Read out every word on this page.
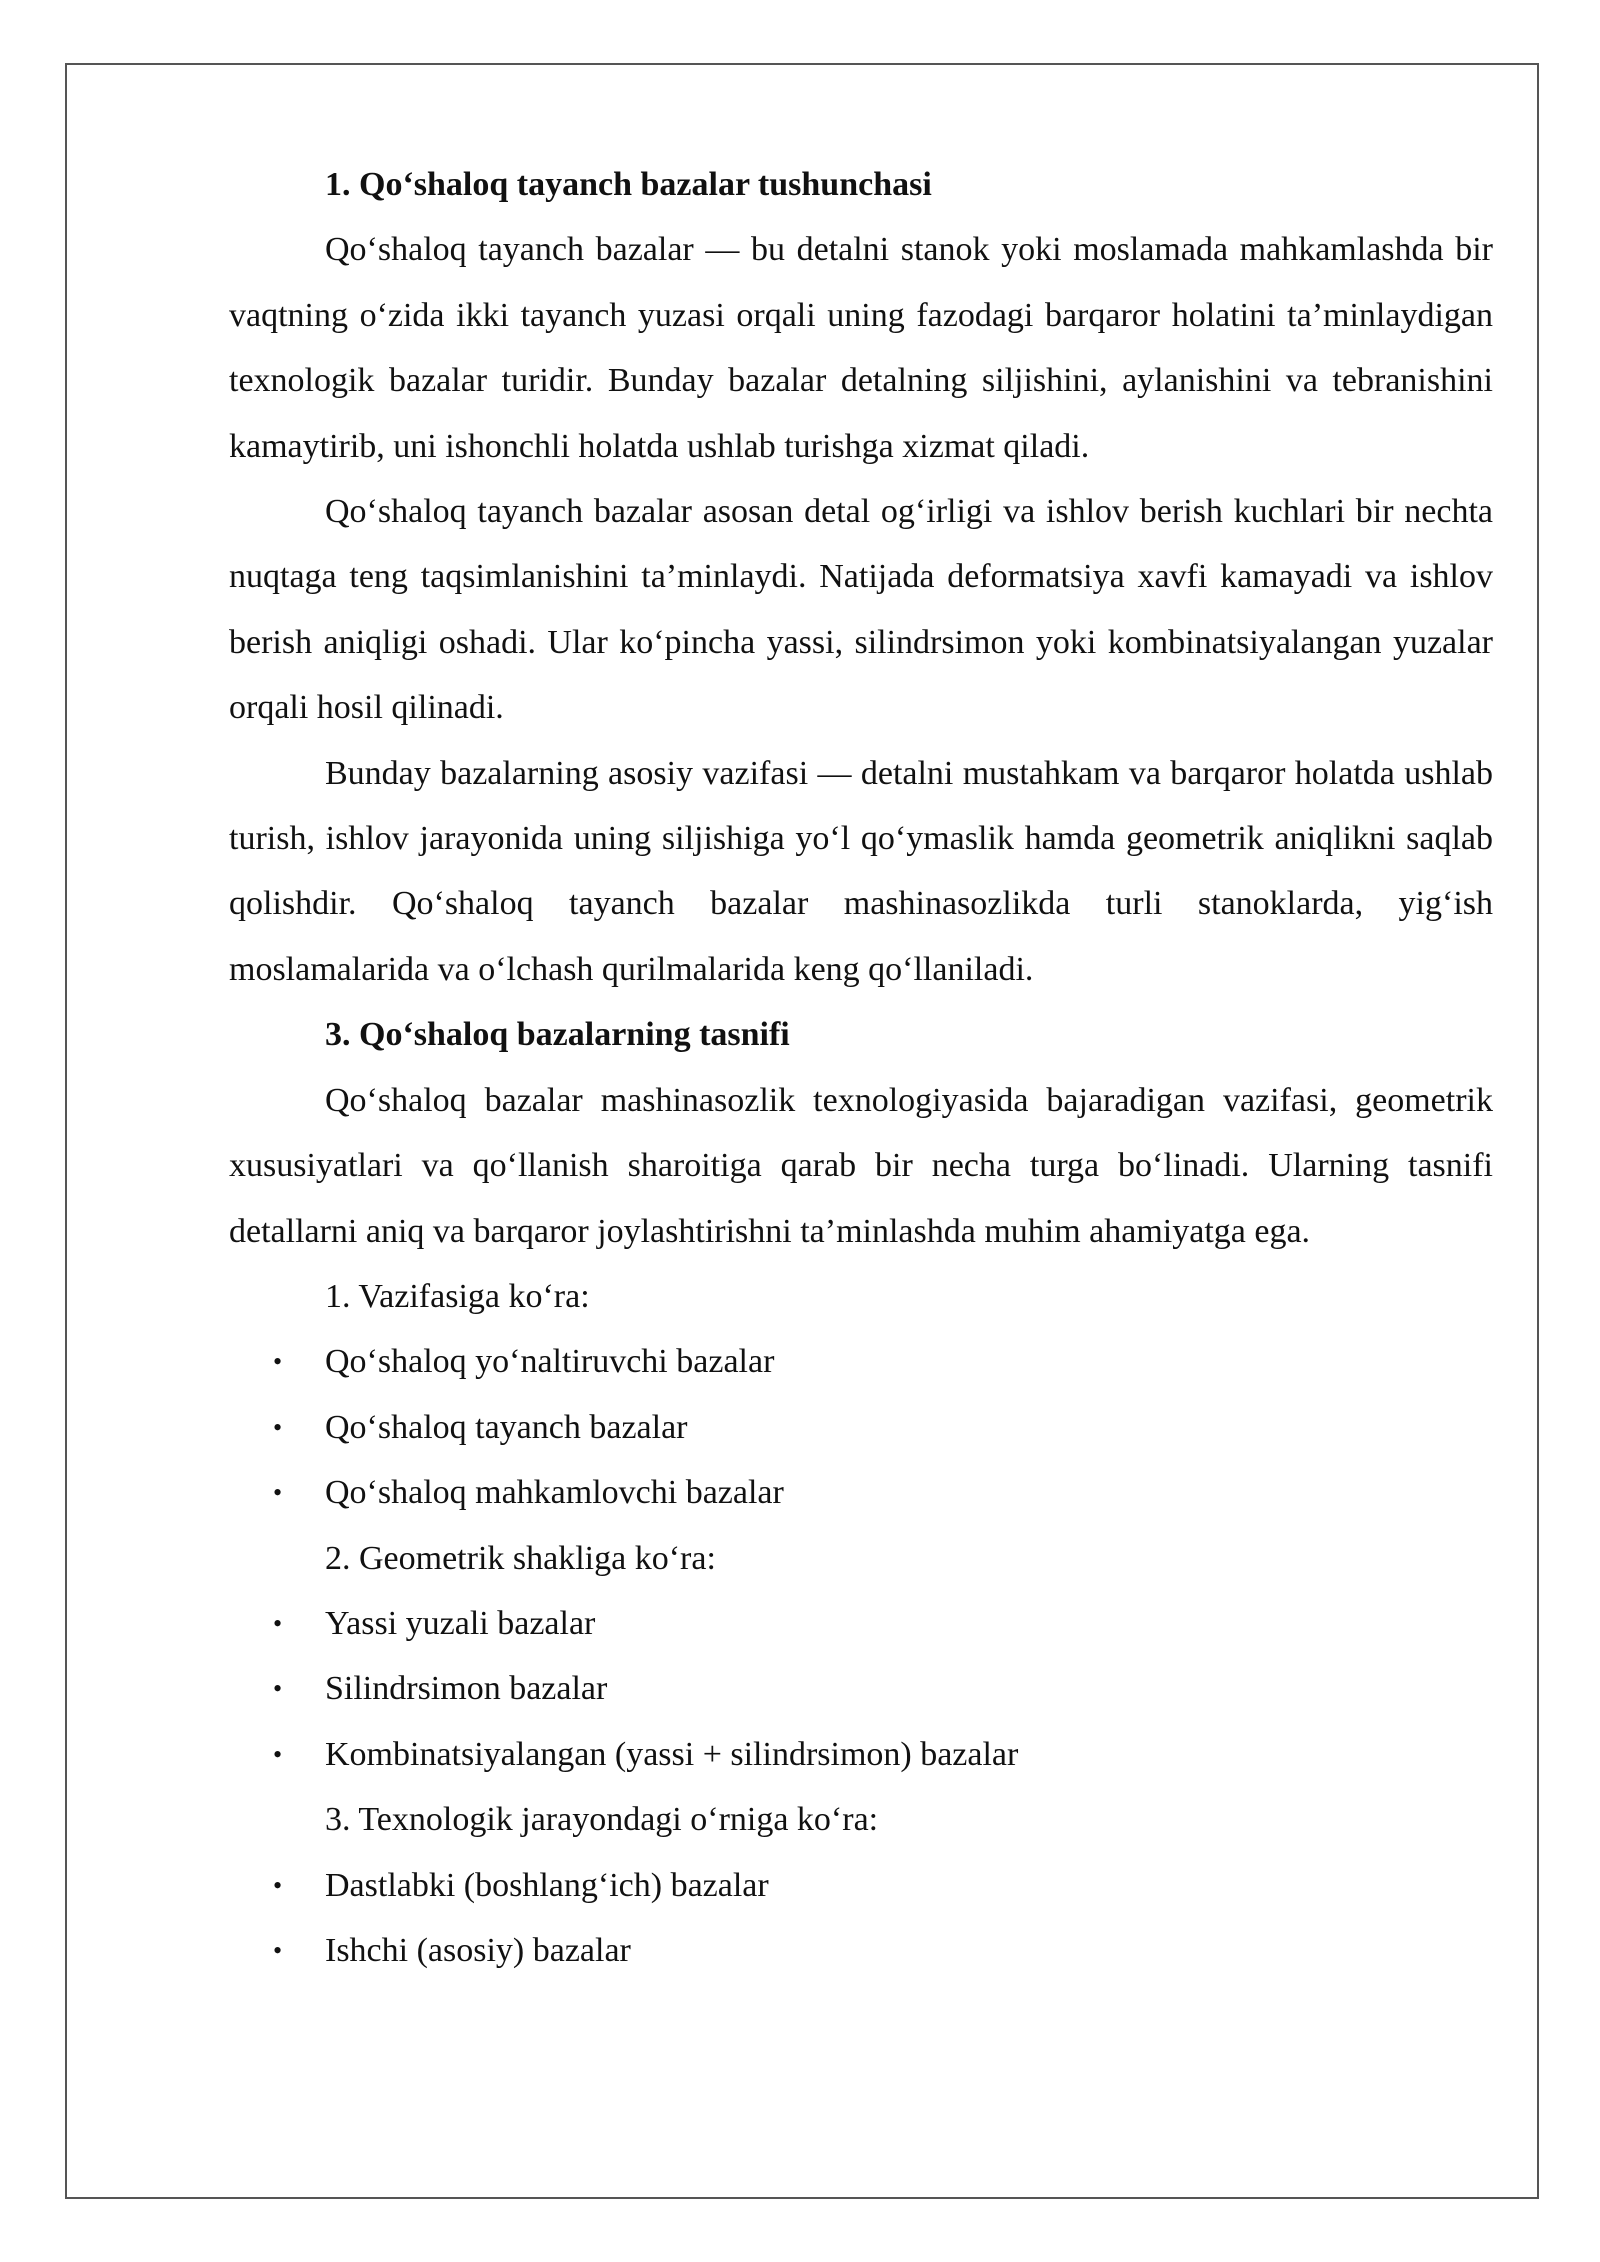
1. Qo‘shaloq tayanch bazalar tushunchasi

Qo‘shaloq tayanch bazalar — bu detalni stanok yoki moslamada mahkamlashda bir vaqtning o‘zida ikki tayanch yuzasi orqali uning fazodagi barqaror holatini ta’minlaydigan texnologik bazalar turidir. Bunday bazalar detalning siljishini, aylanishini va tebranishini kamaytirib, uni ishonchli holatda ushlab turishga xizmat qiladi.

Qo‘shaloq tayanch bazalar asosan detal og‘irligi va ishlov berish kuchlari bir nechta nuqtaga teng taqsimlanishini ta’minlaydi. Natijada deformatsiya xavfi kamayadi va ishlov berish aniqligi oshadi. Ular ko‘pincha yassi, silindrsimon yoki kombinatsiyalangan yuzalar orqali hosil qilinadi.

Bunday bazalarning asosiy vazifasi — detalni mustahkam va barqaror holatda ushlab turish, ishlov jarayonida uning siljishiga yo‘l qo‘ymaslik hamda geometrik aniqlikni saqlab qolishdir. Qo‘shaloq tayanch bazalar mashinasozlikda turli stanoklarda, yig‘ish moslamalarida va o‘lchash qurilmalarida keng qo‘llaniladi.

3. Qo‘shaloq bazalarning tasnifi

Qo‘shaloq bazalar mashinasozlik texnologiyasida bajaradigan vazifasi, geometrik xususiyatlari va qo‘llanish sharoitiga qarab bir necha turga bo‘linadi. Ularning tasnifi detallarni aniq va barqaror joylashtirishni ta’minlashda muhim ahamiyatga ega.

1. Vazifasiga ko‘ra:

• Qo‘shaloq yo‘naltiruvchi bazalar
• Qo‘shaloq tayanch bazalar
• Qo‘shaloq mahkamlovchi bazalar

2. Geometrik shakliga ko‘ra:

• Yassi yuzali bazalar
• Silindrsimon bazalar
• Kombinatsiyalangan (yassi + silindrsimon) bazalar

3. Texnologik jarayondagi o‘rniga ko‘ra:

• Dastlabki (boshlang‘ich) bazalar
• Ishchi (asosiy) bazalar
